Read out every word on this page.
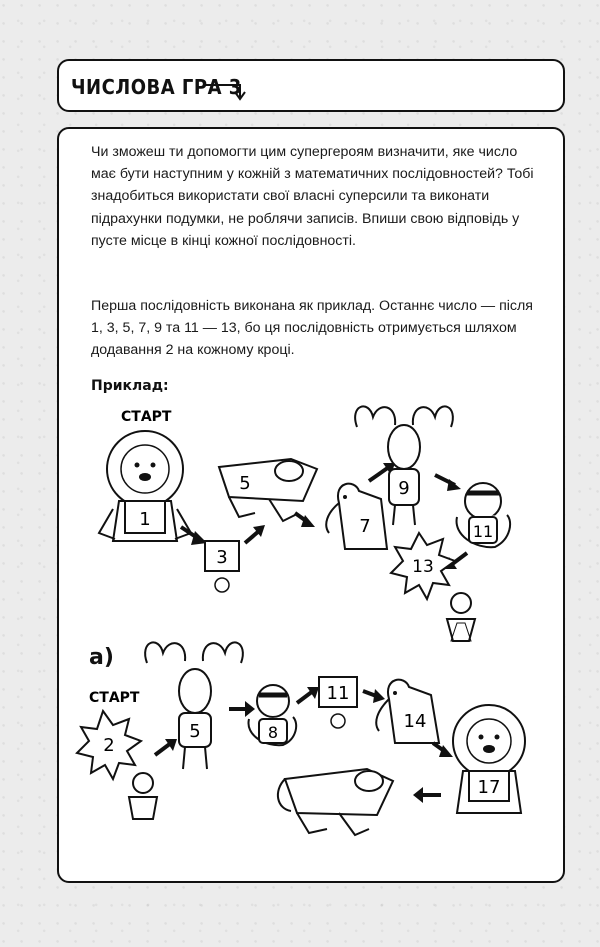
ЧИСЛОВА ГРА 3

Чи зможеш ти допомогти цим супергероям визначити, яке число має бути наступним у кожній з математичних послідовностей? Тобі знадобиться використати свої власні суперсили та виконати підрахунки подумки, не роблячи записів. Впиши свою відповідь у пусте місце в кінці кожної послідовності.

Перша послідовність виконана як приклад. Останнє число — після 1, 3, 5, 7, 9 та 11 — 13, бо ця послідовність отримується шляхом додавання 2 на кожному кроці.

Приклад:
а)
СТАРТ
1
3
5
7
9
11
13
СТАРТ
2
5	8
11
14
17
